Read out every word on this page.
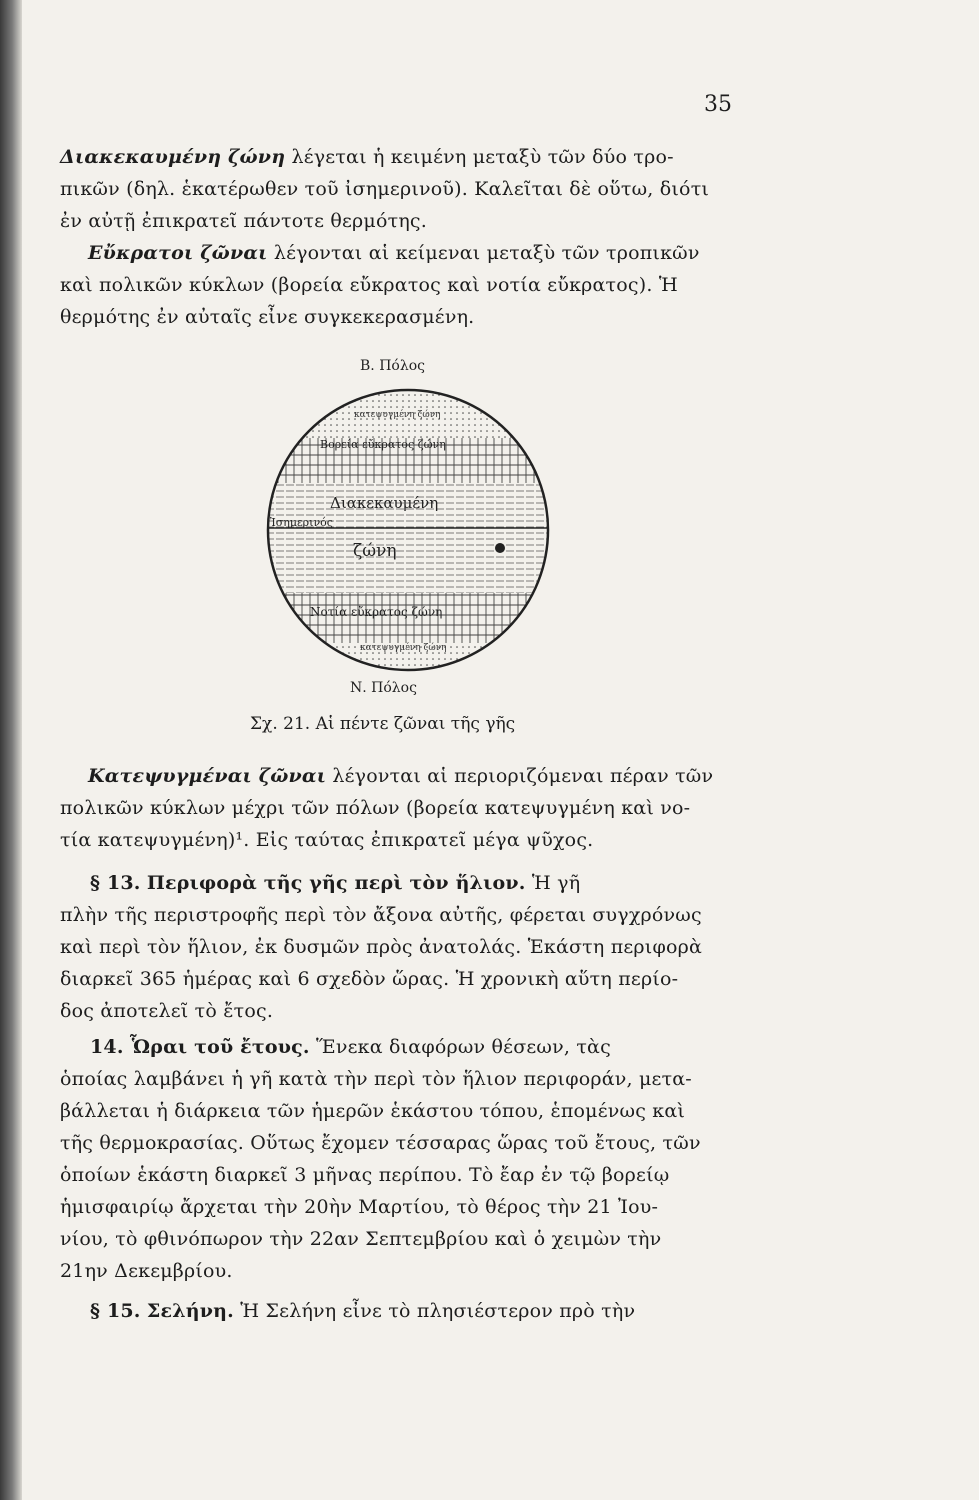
35
Διακεκαυμένη ζώνη λέγεται ἡ κειμένη μεταξὺ τῶν δύο τρο-
πικῶν (δηλ. ἑκατέρωθεν τοῦ ἰσημερινοῦ). Καλεῖται δὲ οὕτω, διότι
ἐν αὐτῇ ἐπικρατεῖ πάντοτε θερμότης.
Εὔκρατοι ζῶναι λέγονται αἱ κείμεναι μεταξὺ τῶν τροπικῶν
καὶ πολικῶν κύκλων (βορεία εὔκρατος καὶ νοτία εὔκρατος). Ἡ
θερμότης ἐν αὐταῖς εἶνε συγκεκερασμένη.
Β. Πόλος
κατεψυγμένη ζώνη
Βορεία εὔκρατος ζώνη
Διακεκαυμένη
Ἰσημερινός
ζώνη
Νοτία εὔκρατος ζώνη
κατεψυγμένη ζώνη
Ν. Πόλος
Σχ. 21. Αἱ πέντε ζῶναι τῆς γῆς
Κατεψυγμέναι ζῶναι λέγονται αἱ περιοριζόμεναι πέραν τῶν
πολικῶν κύκλων μέχρι τῶν πόλων (βορεία κατεψυγμένη καὶ νο-
τία κατεψυγμένη)¹. Εἰς ταύτας ἐπικρατεῖ μέγα ψῦχος.
§ 13. Περιφορὰ τῆς γῆς περὶ τὸν ἥλιον. Ἡ γῆ
πλὴν τῆς περιστροφῆς περὶ τὸν ἄξονα αὐτῆς, φέρεται συγχρόνως
καὶ περὶ τὸν ἥλιον, ἐκ δυσμῶν πρὸς ἀνατολάς. Ἑκάστη περιφορὰ
διαρκεῖ 365 ἡμέρας καὶ 6 σχεδὸν ὥρας. Ἡ χρονικὴ αὕτη περίο-
δος ἀποτελεῖ τὸ ἔτος.
14. Ὧραι τοῦ ἔτους. Ἕνεκα διαφόρων θέσεων, τὰς
ὁποίας λαμβάνει ἡ γῆ κατὰ τὴν περὶ τὸν ἥλιον περιφοράν, μετα-
βάλλεται ἡ διάρκεια τῶν ἡμερῶν ἑκάστου τόπου, ἑπομένως καὶ
τῆς θερμοκρασίας. Οὕτως ἔχομεν τέσσαρας ὥρας τοῦ ἔτους, τῶν
ὁποίων ἑκάστη διαρκεῖ 3 μῆνας περίπου. Τὸ ἔαρ ἐν τῷ βορείῳ
ἡμισφαιρίῳ ἄρχεται τὴν 20ὴν Μαρτίου, τὸ θέρος τὴν 21 Ἰου-
νίου, τὸ φθινόπωρον τὴν 22αν Σεπτεμβρίου καὶ ὁ χειμὼν τὴν
21ην Δεκεμβρίου.
§ 15. Σελήνη. Ἡ Σελήνη εἶνε τὸ πλησιέστερον πρὸ τὴν
